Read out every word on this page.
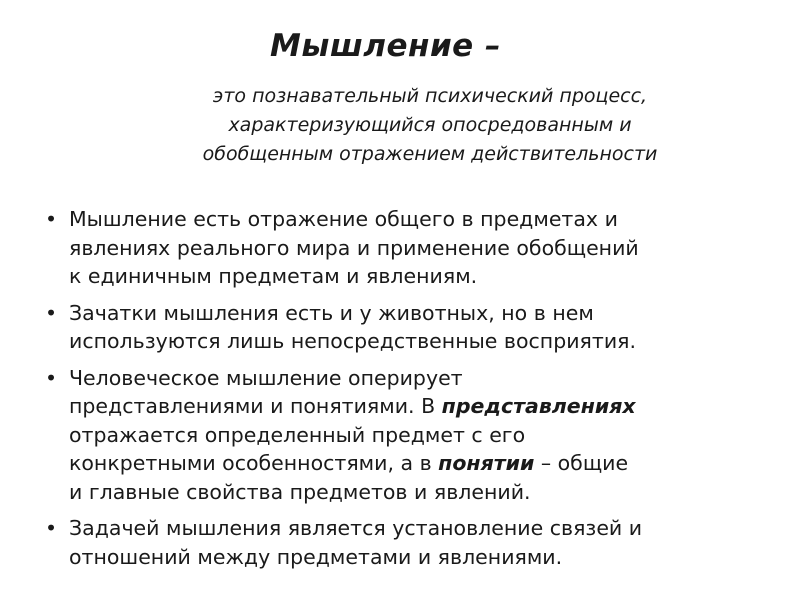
Мышление –
это познавательный психический процесс,
характеризующийся опосредованным и
обобщенным отражением действительности
• Мышление есть отражение общего в предметах и
явлениях реального мира и применение обобщений
к единичным предметам и явлениям.
• Зачатки мышления есть и у животных, но в нем
используются лишь непосредственные восприятия.
• Человеческое мышление оперирует
представлениями и понятиями. В представлениях
отражается определенный предмет с его
конкретными особенностями, а в понятии – общие
и главные свойства предметов и явлений.
• Задачей мышления является установление связей и
отношений между предметами и явлениями.
